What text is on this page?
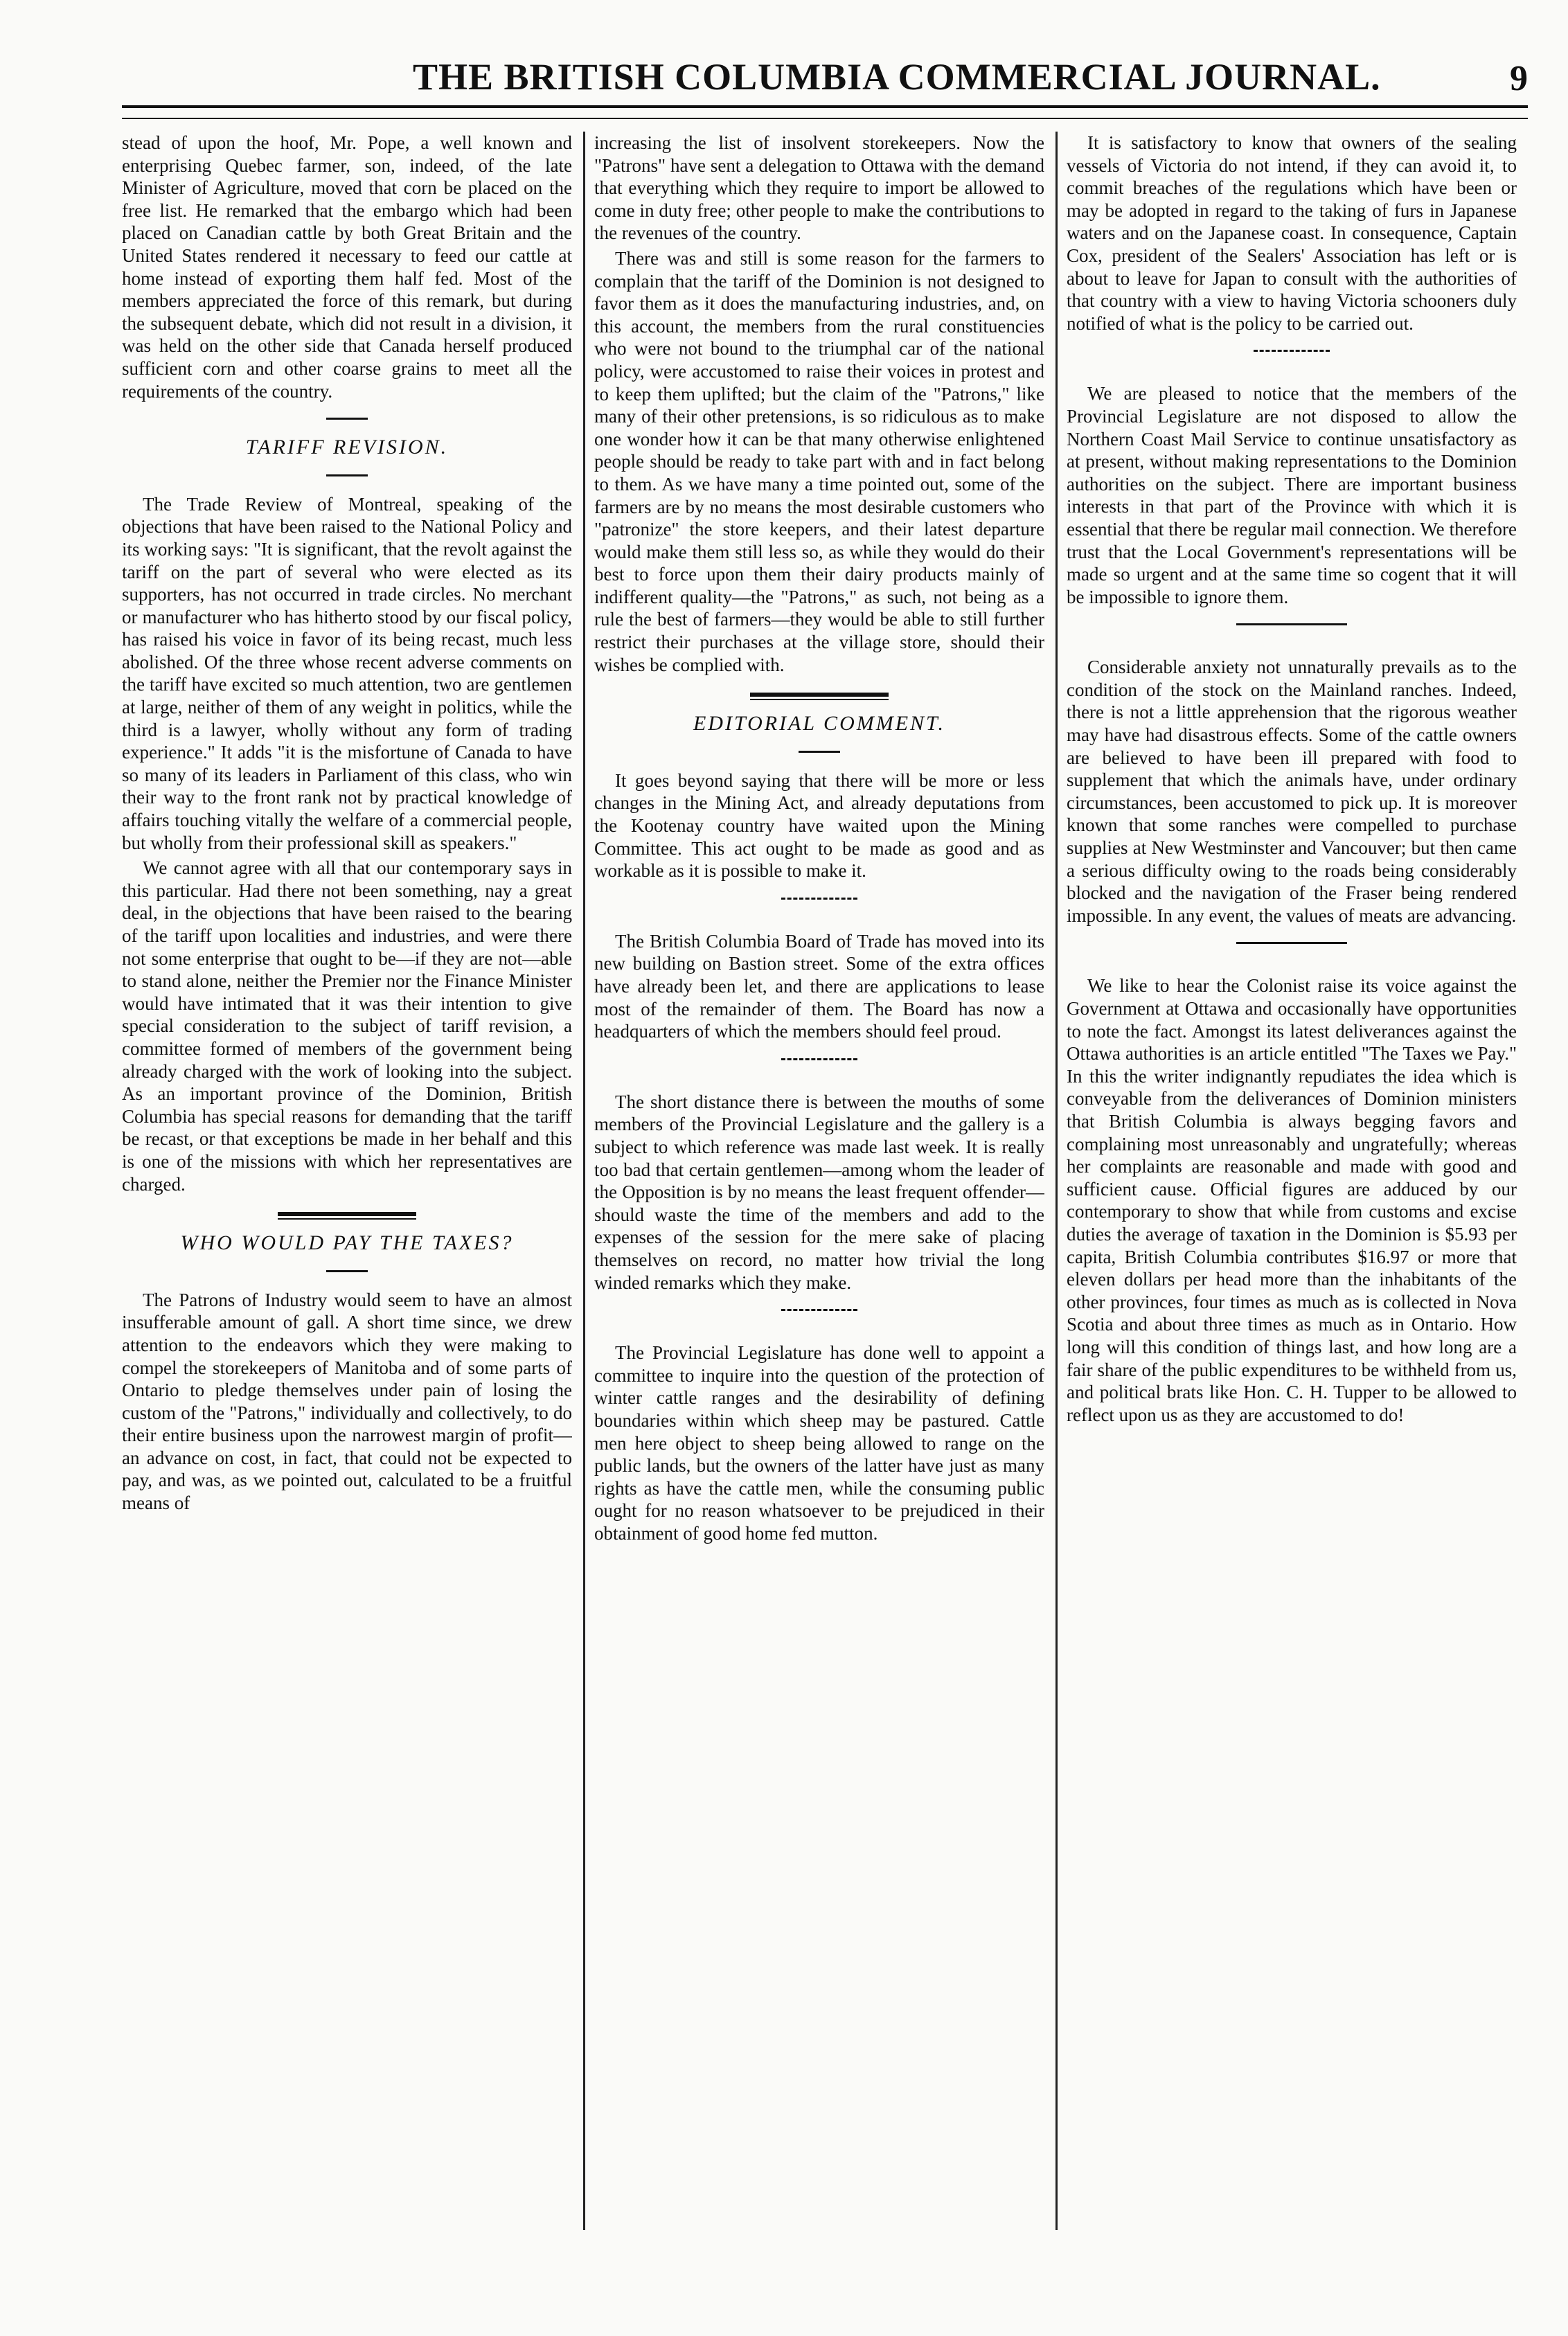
THE BRITISH COLUMBIA COMMERCIAL JOURNAL.	9

stead of upon the hoof, Mr. Pope, a well known and enterprising Quebec farmer, son, indeed, of the late Minister of Agriculture, moved that corn be placed on the free list. He remarked that the embargo which had been placed on Canadian cattle by both Great Britain and the United States rendered it necessary to feed our cattle at home instead of exporting them half fed. Most of the members appreciated the force of this remark, but during the subsequent debate, which did not result in a division, it was held on the other side that Canada herself produced sufficient corn and other coarse grains to meet all the requirements of the country.

TARIFF REVISION.

The Trade Review of Montreal, speaking of the objections that have been raised to the National Policy and its working says: "It is significant, that the revolt against the tariff on the part of several who were elected as its supporters, has not occurred in trade circles. No merchant or manufacturer who has hitherto stood by our fiscal policy, has raised his voice in favor of its being recast, much less abolished. Of the three whose recent adverse comments on the tariff have excited so much attention, two are gentlemen at large, neither of them of any weight in politics, while the third is a lawyer, wholly without any form of trading experience." It adds "it is the misfortune of Canada to have so many of its leaders in Parliament of this class, who win their way to the front rank not by practical knowledge of affairs touching vitally the welfare of a commercial people, but wholly from their professional skill as speakers."

We cannot agree with all that our contemporary says in this particular. Had there not been something, nay a great deal, in the objections that have been raised to the bearing of the tariff upon localities and industries, and were there not some enterprise that ought to be—if they are not—able to stand alone, neither the Premier nor the Finance Minister would have intimated that it was their intention to give special consideration to the subject of tariff revision, a committee formed of members of the government being already charged with the work of looking into the subject. As an important province of the Dominion, British Columbia has special reasons for demanding that the tariff be recast, or that exceptions be made in her behalf and this is one of the missions with which her representatives are charged.

WHO WOULD PAY THE TAXES?

The Patrons of Industry would seem to have an almost insufferable amount of gall. A short time since, we drew attention to the endeavors which they were making to compel the storekeepers of Manitoba and of some parts of Ontario to pledge themselves under pain of losing the custom of the "Patrons," individually and collectively, to do their entire business upon the narrowest margin of profit—an advance on cost, in fact, that could not be expected to pay, and was, as we pointed out, calculated to be a fruitful means of

increasing the list of insolvent storekeepers. Now the "Patrons" have sent a delegation to Ottawa with the demand that everything which they require to import be allowed to come in duty free; other people to make the contributions to the revenues of the country.

There was and still is some reason for the farmers to complain that the tariff of the Dominion is not designed to favor them as it does the manufacturing industries, and, on this account, the members from the rural constituencies who were not bound to the triumphal car of the national policy, were accustomed to raise their voices in protest and to keep them uplifted; but the claim of the "Patrons," like many of their other pretensions, is so ridiculous as to make one wonder how it can be that many otherwise enlightened people should be ready to take part with and in fact belong to them. As we have many a time pointed out, some of the farmers are by no means the most desirable customers who "patronize" the store keepers, and their latest departure would make them still less so, as while they would do their best to force upon them their dairy products mainly of indifferent quality—the "Patrons," as such, not being as a rule the best of farmers—they would be able to still further restrict their purchases at the village store, should their wishes be complied with.

EDITORIAL COMMENT.

It goes beyond saying that there will be more or less changes in the Mining Act, and already deputations from the Kootenay country have waited upon the Mining Committee. This act ought to be made as good and as workable as it is possible to make it.

The British Columbia Board of Trade has moved into its new building on Bastion street. Some of the extra offices have already been let, and there are applications to lease most of the remainder of them. The Board has now a headquarters of which the members should feel proud.

The short distance there is between the mouths of some members of the Provincial Legislature and the gallery is a subject to which reference was made last week. It is really too bad that certain gentlemen—among whom the leader of the Opposition is by no means the least frequent offender—should waste the time of the members and add to the expenses of the session for the mere sake of placing themselves on record, no matter how trivial the long winded remarks which they make.

The Provincial Legislature has done well to appoint a committee to inquire into the question of the protection of winter cattle ranges and the desirability of defining boundaries within which sheep may be pastured. Cattle men here object to sheep being allowed to range on the public lands, but the owners of the latter have just as many rights as have the cattle men, while the consuming public ought for no reason whatsoever to be prejudiced in their obtainment of good home fed mutton.

It is satisfactory to know that owners of the sealing vessels of Victoria do not intend, if they can avoid it, to commit breaches of the regulations which have been or may be adopted in regard to the taking of furs in Japanese waters and on the Japanese coast. In consequence, Captain Cox, president of the Sealers' Association has left or is about to leave for Japan to consult with the authorities of that country with a view to having Victoria schooners duly notified of what is the policy to be carried out.

We are pleased to notice that the members of the Provincial Legislature are not disposed to allow the Northern Coast Mail Service to continue unsatisfactory as at present, without making representations to the Dominion authorities on the subject. There are important business interests in that part of the Province with which it is essential that there be regular mail connection. We therefore trust that the Local Government's representations will be made so urgent and at the same time so cogent that it will be impossible to ignore them.

Considerable anxiety not unnaturally prevails as to the condition of the stock on the Mainland ranches. Indeed, there is not a little apprehension that the rigorous weather may have had disastrous effects. Some of the cattle owners are believed to have been ill prepared with food to supplement that which the animals have, under ordinary circumstances, been accustomed to pick up. It is moreover known that some ranches were compelled to purchase supplies at New Westminster and Vancouver; but then came a serious difficulty owing to the roads being considerably blocked and the navigation of the Fraser being rendered impossible. In any event, the values of meats are advancing.

We like to hear the Colonist raise its voice against the Government at Ottawa and occasionally have opportunities to note the fact. Amongst its latest deliverances against the Ottawa authorities is an article entitled "The Taxes we Pay." In this the writer indignantly repudiates the idea which is conveyable from the deliverances of Dominion ministers that British Columbia is always begging favors and complaining most unreasonably and ungratefully; whereas her complaints are reasonable and made with good and sufficient cause. Official figures are adduced by our contemporary to show that while from customs and excise duties the average of taxation in the Dominion is $5.93 per capita, British Columbia contributes $16.97 or more that eleven dollars per head more than the inhabitants of the other provinces, four times as much as is collected in Nova Scotia and about three times as much as in Ontario. How long will this condition of things last, and how long are a fair share of the public expenditures to be withheld from us, and political brats like Hon. C. H. Tupper to be allowed to reflect upon us as they are accustomed to do!
